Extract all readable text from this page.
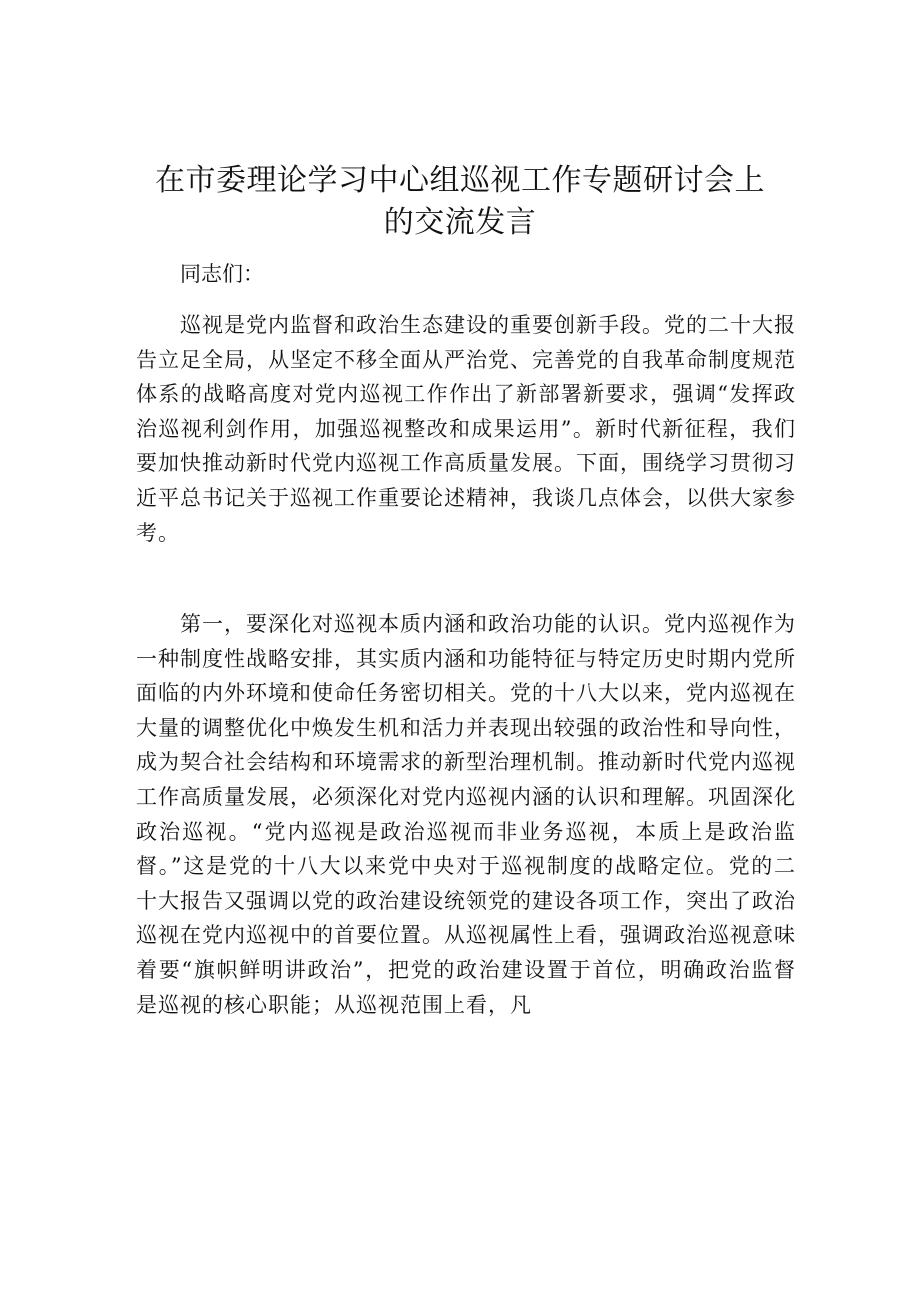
在市委理论学习中心组巡视工作专题研讨会上
的交流发言

同志们：

巡视是党内监督和政治生态建设的重要创新手段。党的二十大报告立足全局，从坚定不移全面从严治党、完善党的自我革命制度规范体系的战略高度对党内巡视工作作出了新部署新要求，强调“发挥政治巡视利剑作用，加强巡视整改和成果运用”。新时代新征程，我们要加快推动新时代党内巡视工作高质量发展。下面，围绕学习贯彻习近平总书记关于巡视工作重要论述精神，我谈几点体会，以供大家参考。

第一，要深化对巡视本质内涵和政治功能的认识。党内巡视作为一种制度性战略安排，其实质内涵和功能特征与特定历史时期内党所面临的内外环境和使命任务密切相关。党的十八大以来，党内巡视在大量的调整优化中焕发生机和活力并表现出较强的政治性和导向性，成为契合社会结构和环境需求的新型治理机制。推动新时代党内巡视工作高质量发展，必须深化对党内巡视内涵的认识和理解。巩固深化政治巡视。“党内巡视是政治巡视而非业务巡视，本质上是政治监督。”这是党的十八大以来党中央对于巡视制度的战略定位。党的二十大报告又强调以党的政治建设统领党的建设各项工作，突出了政治巡视在党内巡视中的首要位置。从巡视属性上看，强调政治巡视意味着要“旗帜鲜明讲政治”，把党的政治建设置于首位，明确政治监督是巡视的核心职能；从巡视范围上看，凡
